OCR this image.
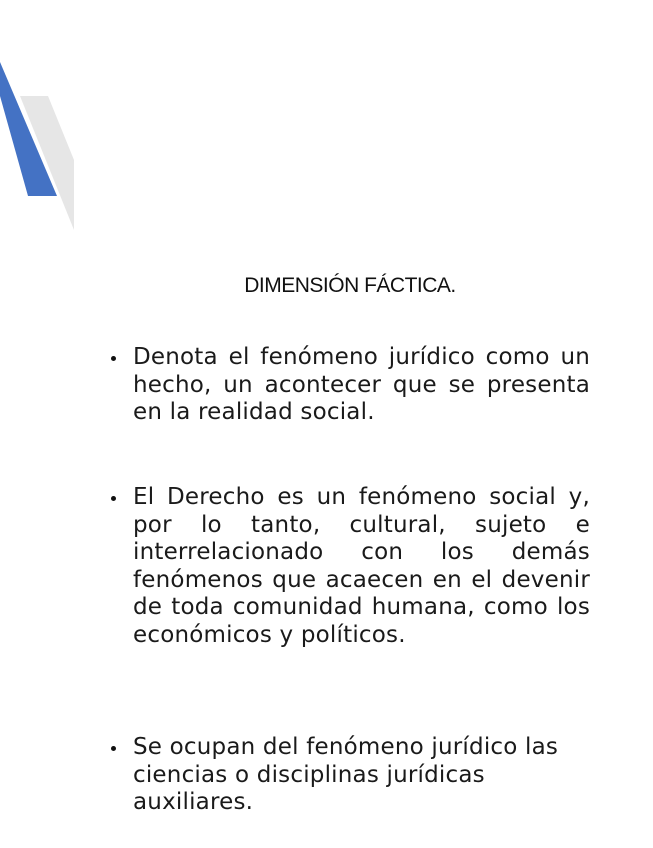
DIMENSIÓN FÁCTICA.
Denota el fenómeno jurídico como un hecho, un acontecer que se presenta en la realidad social.
El Derecho es un fenómeno social y, por lo tanto, cultural, sujeto e interrelacionado con los demás fenómenos que acaecen en el devenir de toda comunidad humana, como los económicos y políticos.
Se ocupan del fenómeno jurídico las ciencias o disciplinas jurídicas auxiliares.
